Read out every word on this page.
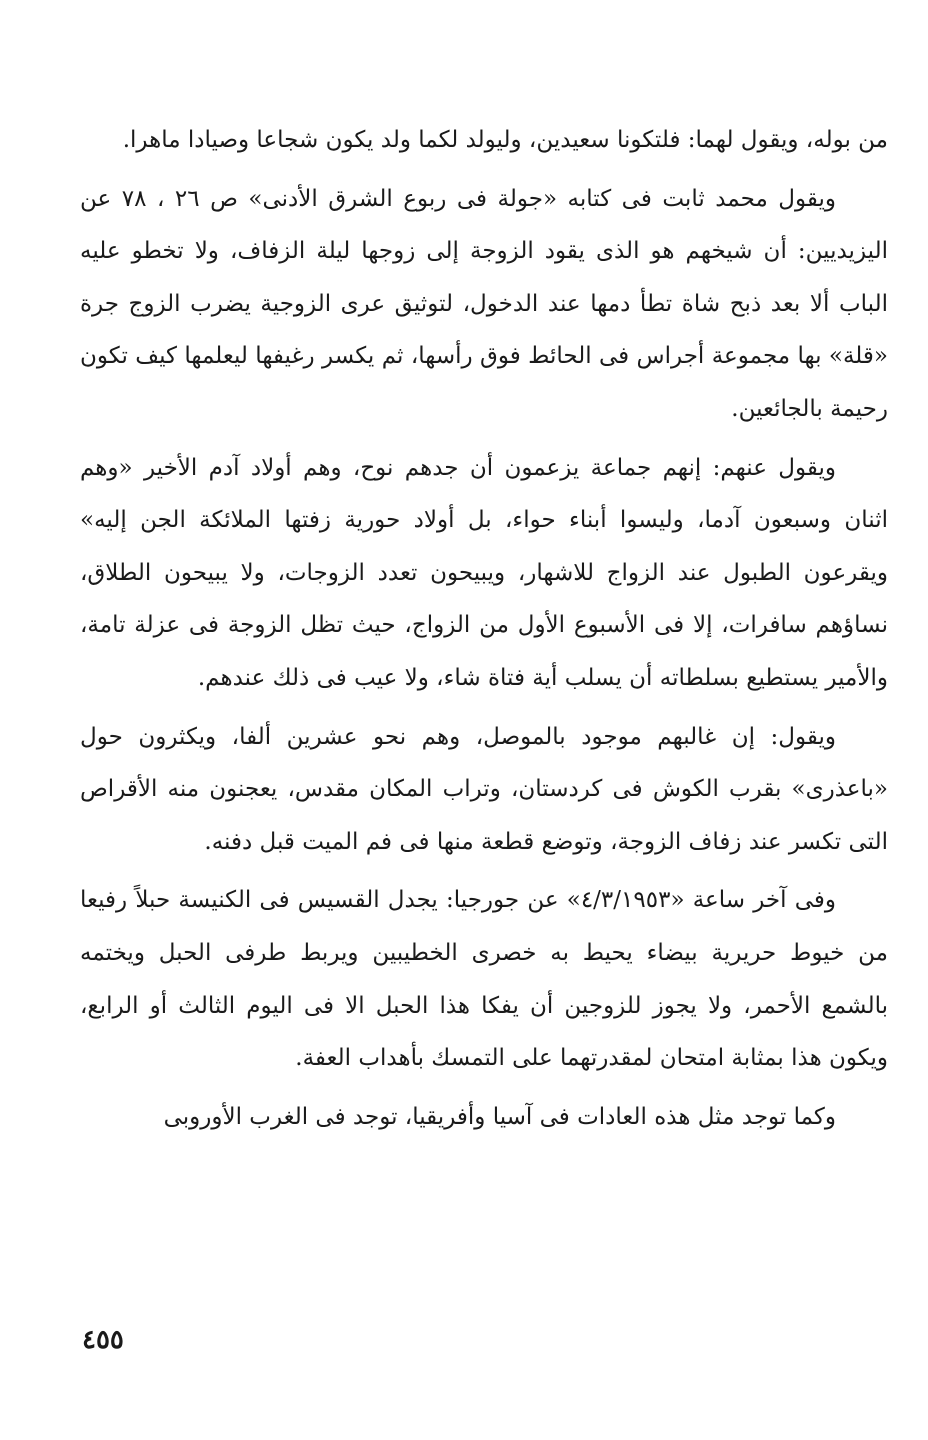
من بوله، ويقول لهما: فلتكونا سعيدين، وليولد لكما ولد يكون شجاعا وصيادا ماهرا.

ويقول محمد ثابت فى كتابه «جولة فى ربوع الشرق الأدنى» ص ٢٦ ، ٧٨ عن اليزيديين: أن شيخهم هو الذى يقود الزوجة إلى زوجها ليلة الزفاف، ولا تخطو عليه الباب ألا بعد ذبح شاة تطأ دمها عند الدخول، لتوثيق عرى الزوجية يضرب الزوج جرة «قلة» بها مجموعة أجراس فى الحائط فوق رأسها، ثم يكسر رغيفها ليعلمها كيف تكون رحيمة بالجائعين.

ويقول عنهم: إنهم جماعة يزعمون أن جدهم نوح، وهم أولاد آدم الأخير «وهم اثنان وسبعون آدما، وليسوا أبناء حواء، بل أولاد حورية زفتها الملائكة الجن إليه» ويقرعون الطبول عند الزواج للاشهار، ويبيحون تعدد الزوجات، ولا يبيحون الطلاق، نساؤهم سافرات، إلا فى الأسبوع الأول من الزواج، حيث تظل الزوجة فى عزلة تامة، والأمير يستطيع بسلطاته أن يسلب أية فتاة شاء، ولا عيب فى ذلك عندهم.

ويقول: إن غالبهم موجود بالموصل، وهم نحو عشرين ألفا، ويكثرون حول «باعذرى» بقرب الكوش فى كردستان، وتراب المكان مقدس، يعجنون منه الأقراص التى تكسر عند زفاف الزوجة، وتوضع قطعة منها فى فم الميت قبل دفنه.

وفى آخر ساعة «٤/٣/١٩٥٣» عن جورجيا: يجدل القسيس فى الكنيسة حبلاً رفيعا من خيوط حريرية بيضاء يحيط به خصرى الخطيبين ويربط طرفى الحبل ويختمه بالشمع الأحمر، ولا يجوز للزوجين أن يفكا هذا الحبل الا فى اليوم الثالث أو الرابع، ويكون هذا بمثابة امتحان لمقدرتهما على التمسك بأهداب العفة.

وكما توجد مثل هذه العادات فى آسيا وأفريقيا، توجد فى الغرب الأوروبى

٤٥٥
